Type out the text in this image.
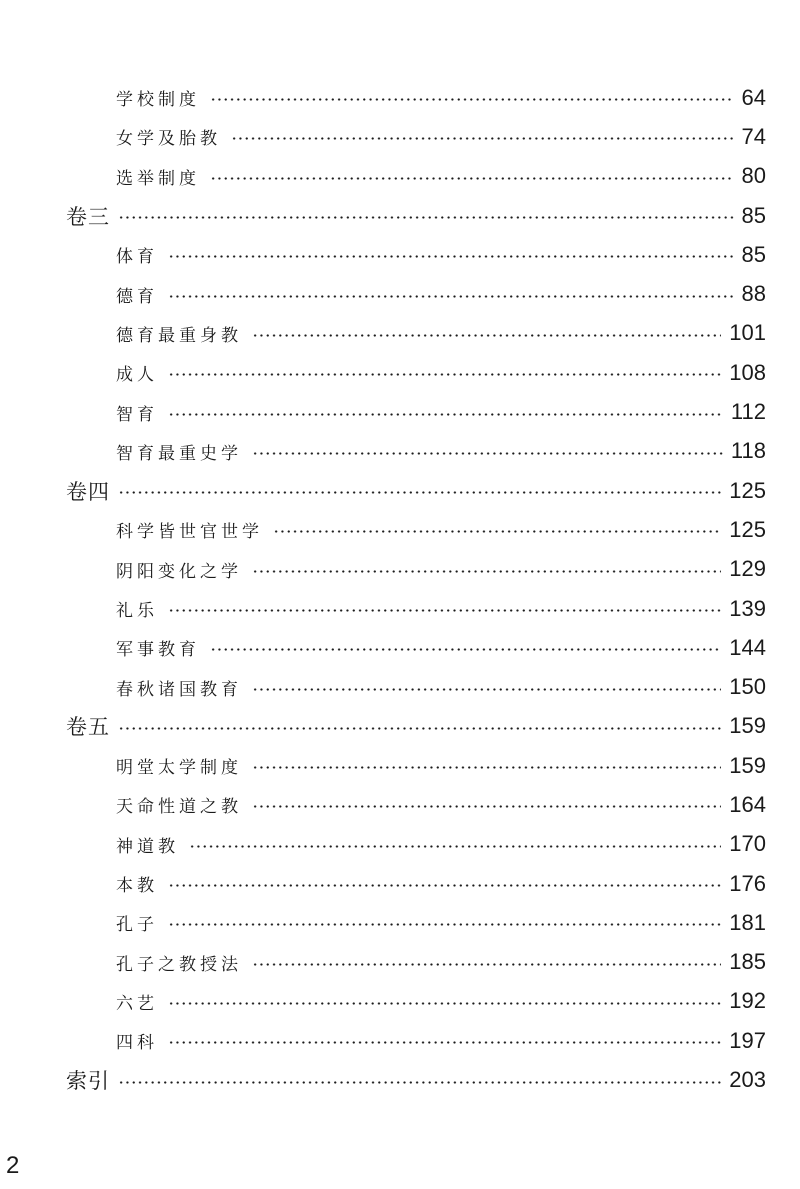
学校制度	64
女学及胎教	74
选举制度	80
卷三	85
体育	85
德育	88
德育最重身教	101
成人	108
智育	112
智育最重史学	118
卷四	125
科学皆世官世学	125
阴阳变化之学	129
礼乐	139
军事教育	144
春秋诸国教育	150
卷五	159
明堂太学制度	159
天命性道之教	164
神道教	170
本教	176
孔子	181
孔子之教授法	185
六艺	192
四科	197
索引	203
2
